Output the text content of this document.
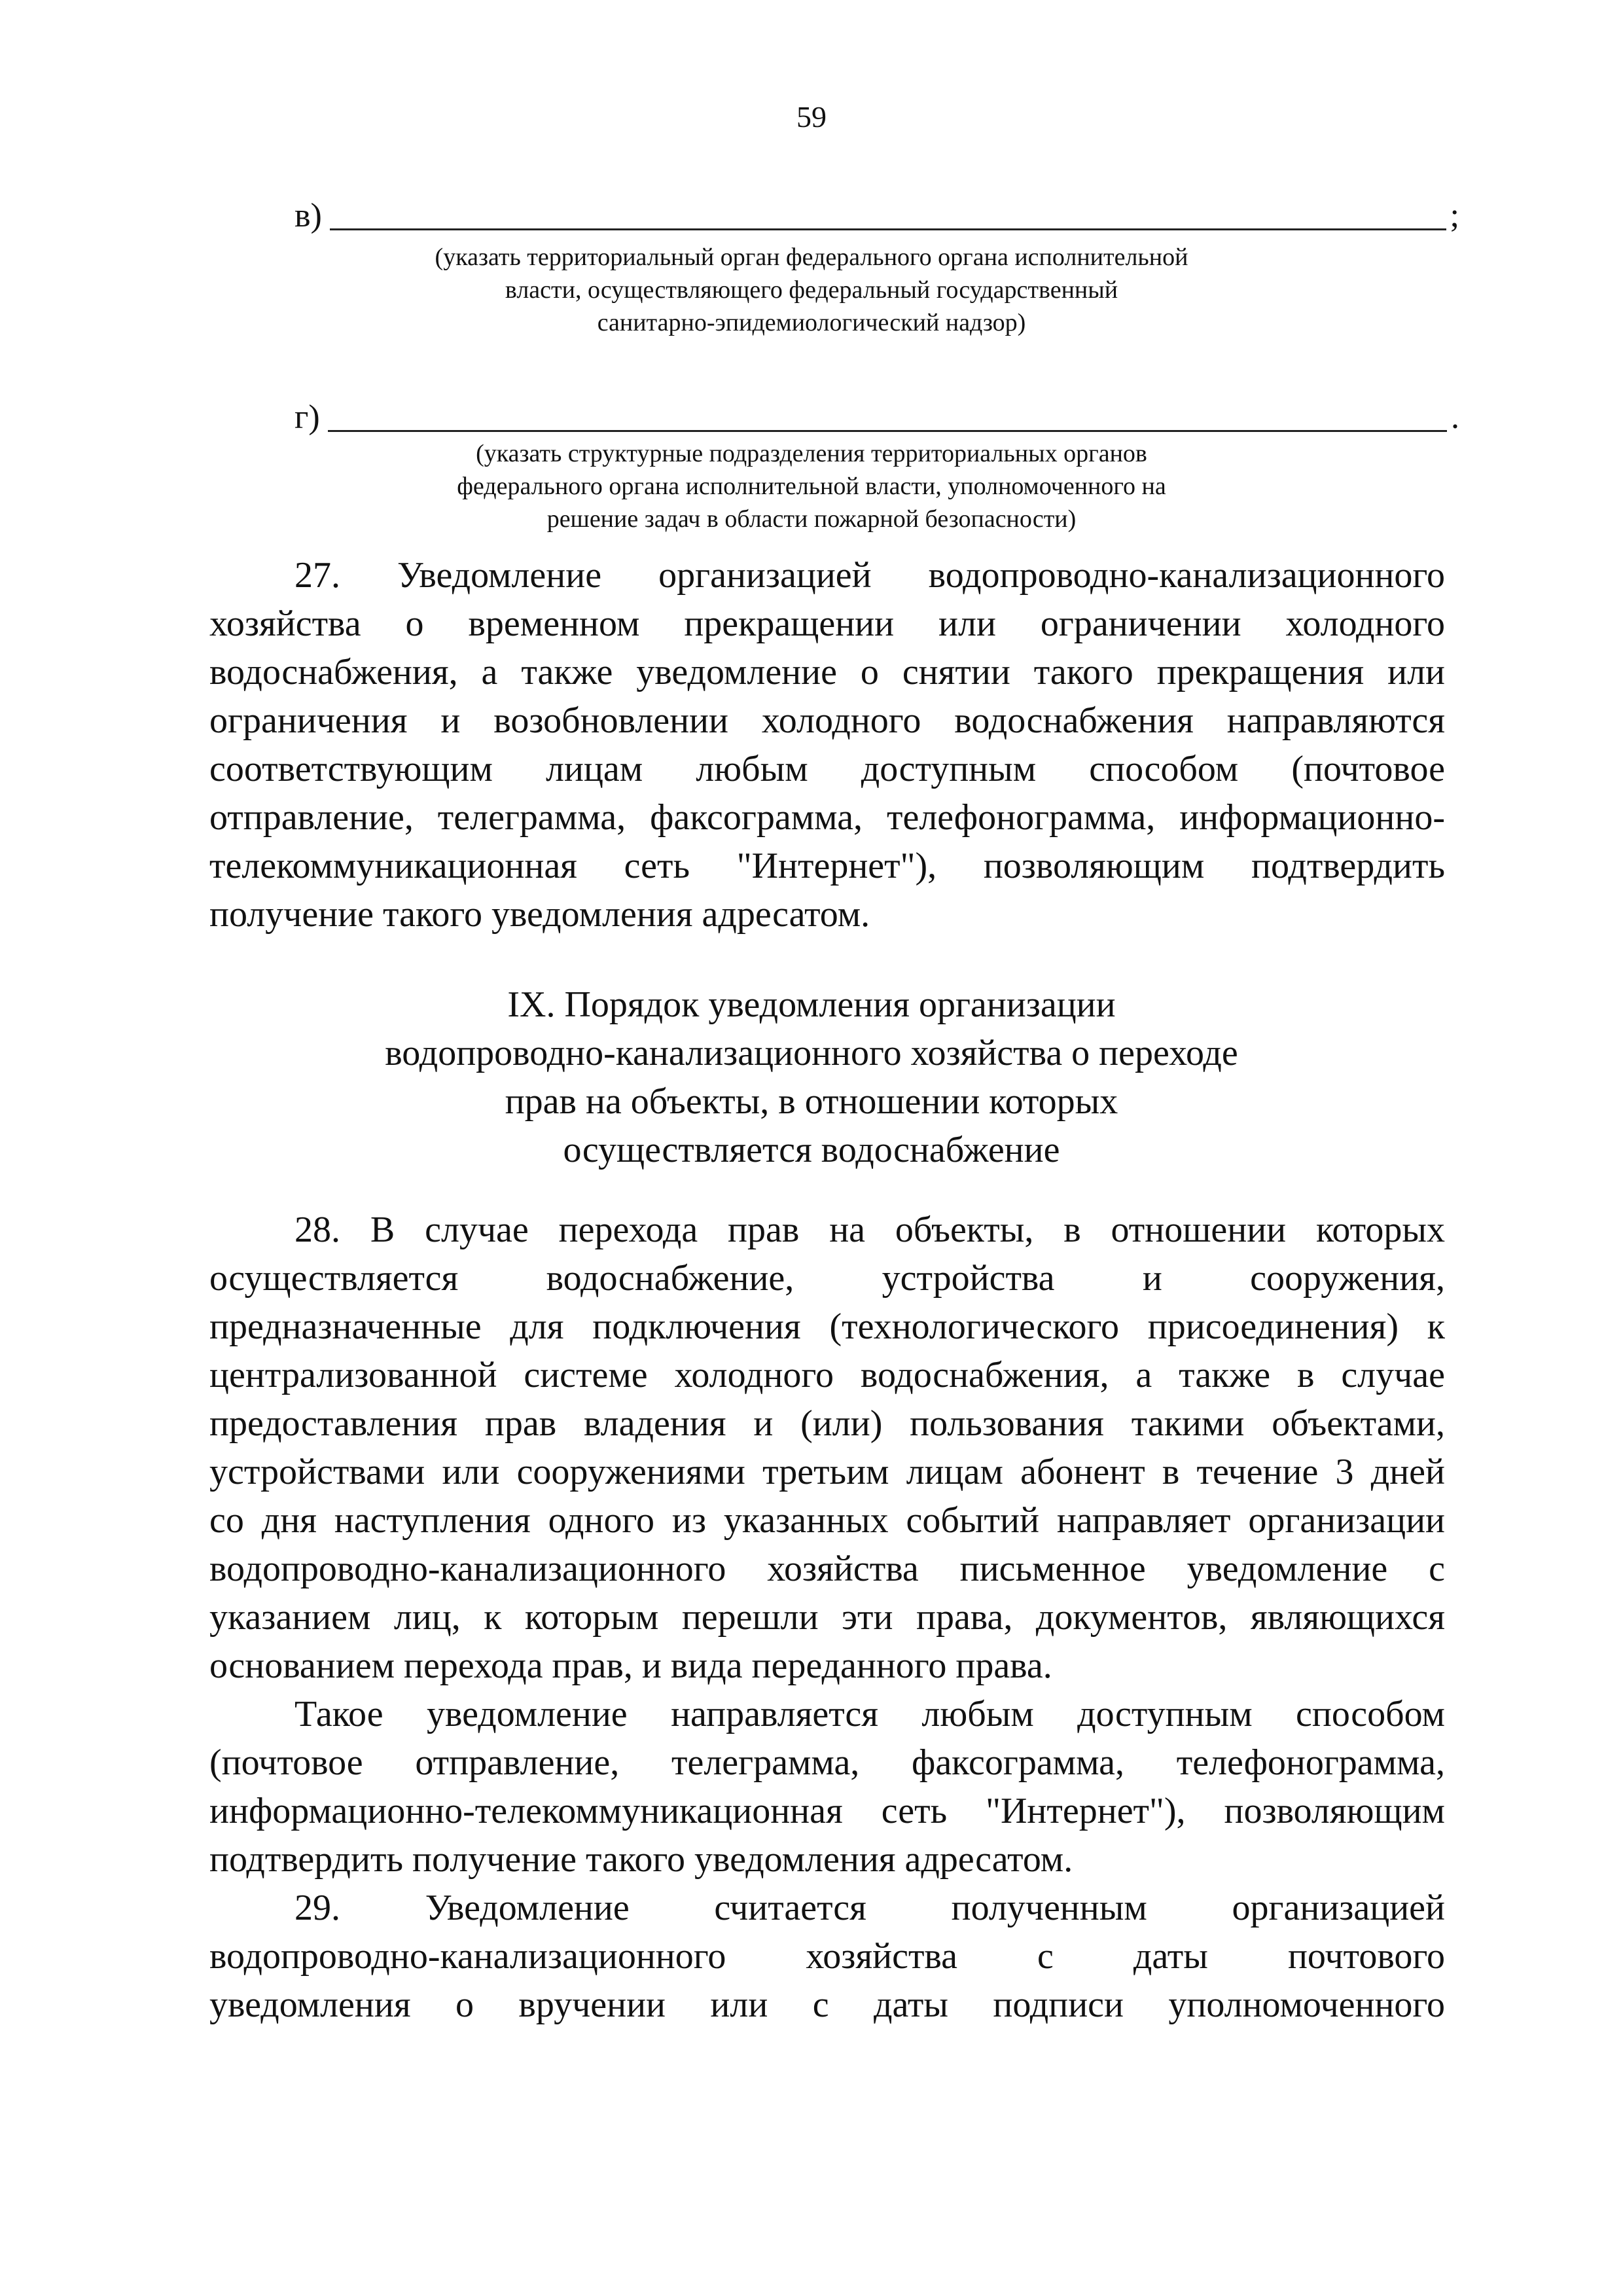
59
в)	;
(указать территориальный орган федерального органа исполнительной
власти, осуществляющего федеральный государственный
санитарно-эпидемиологический надзор)
г)	.
(указать структурные подразделения территориальных органов
федерального органа исполнительной власти, уполномоченного на
решение задач в области пожарной безопасности)
27. Уведомление организацией водопроводно-канализационного
хозяйства о временном прекращении или ограничении холодного
водоснабжения, а также уведомление о снятии такого прекращения или
ограничения и возобновлении холодного водоснабжения направляются
соответствующим лицам любым доступным способом (почтовое
отправление, телеграмма, факсограмма, телефонограмма, информационно-
телекоммуникационная сеть "Интернет"), позволяющим подтвердить
получение такого уведомления адресатом.
IX. Порядок уведомления организации
водопроводно-канализационного хозяйства о переходе
прав на объекты, в отношении которых
осуществляется водоснабжение
28. В случае перехода прав на объекты, в отношении которых
осуществляется водоснабжение, устройства и сооружения,
предназначенные для подключения (технологического присоединения) к
централизованной системе холодного водоснабжения, а также в случае
предоставления прав владения и (или) пользования такими объектами,
устройствами или сооружениями третьим лицам абонент в течение 3 дней
со дня наступления одного из указанных событий направляет организации
водопроводно-канализационного хозяйства письменное уведомление с
указанием лиц, к которым перешли эти права, документов, являющихся
основанием перехода прав, и вида переданного права.
Такое уведомление направляется любым доступным способом
(почтовое отправление, телеграмма, факсограмма, телефонограмма,
информационно-телекоммуникационная сеть "Интернет"), позволяющим
подтвердить получение такого уведомления адресатом.
29. Уведомление считается полученным организацией
водопроводно-канализационного хозяйства с даты почтового
уведомления о вручении или с даты подписи уполномоченного
